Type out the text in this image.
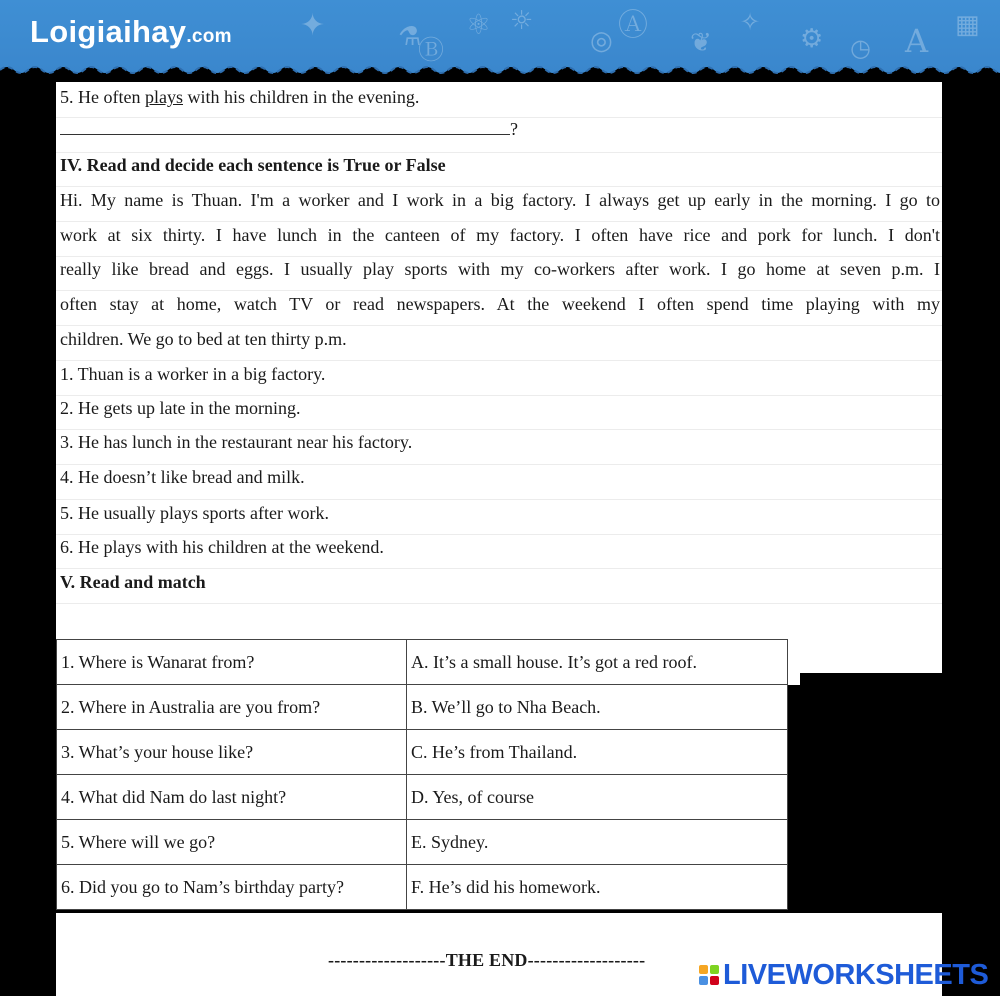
✦	⚗
Ⓑ
⚛ ☼
◎ Ⓐ ❦
✧
⚙ ◷ A ▦
Loigiaihay.com
5. He often plays with his children in the evening.
?
IV. Read and decide each sentence is True or False
Hi. My name is Thuan. I'm a worker and I work in a big factory. I always get up early in the morning. I go to
work at six thirty. I have lunch in the canteen of my factory. I often have rice and pork for lunch. I don't
really like bread and eggs. I usually play sports with my co-workers after work. I go home at seven p.m. I
often stay at home, watch TV or read newspapers. At the weekend I often spend time playing with my
children. We go to bed at ten thirty p.m.
1. Thuan is a worker in a big factory.
2. He gets up late in the morning.
3. He has lunch in the restaurant near his factory.
4. He doesn’t like bread and milk.
5. He usually plays sports after work.
6. He plays with his children at the weekend.
V. Read and match
1. Where is Wanarat from?	A. It’s a small house. It’s got a red roof.
2. Where in Australia are you from?	B. We’ll go to Nha Beach.
3. What’s your house like?	C. He’s from Thailand.
4. What did Nam do last night?	D. Yes, of course
5. Where will we go?	E. Sydney.
6. Did you go to Nam’s birthday party?	F. He’s did his homework.
-------------------THE END-------------------	LIVEWORKSHEETS
